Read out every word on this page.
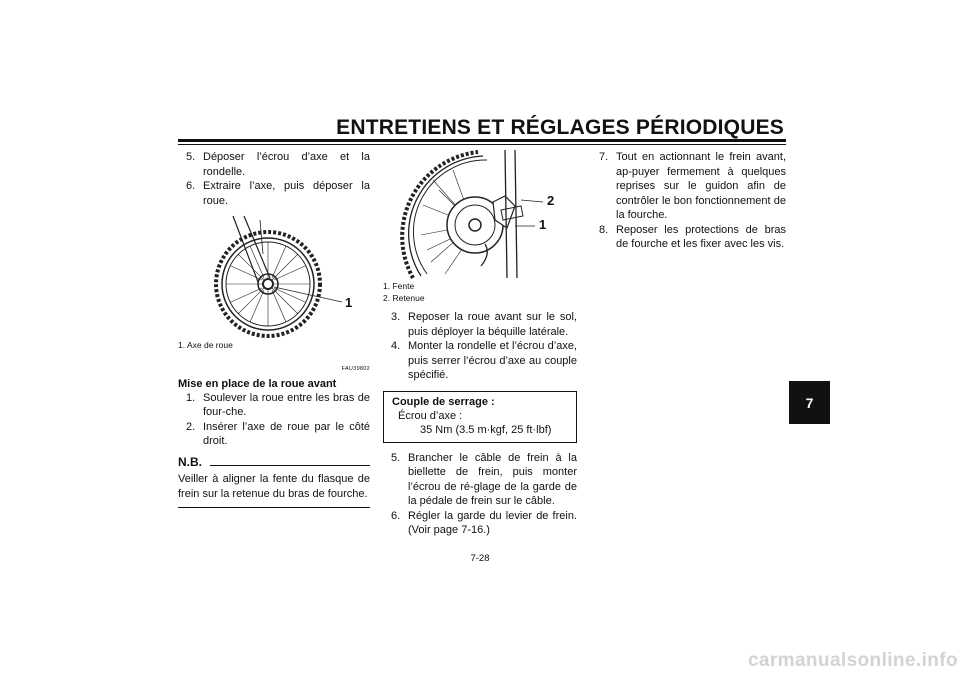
ENTRETIENS ET RÉGLAGES PÉRIODIQUES
7
5. Déposer l’écrou d’axe et la rondelle.
6. Extraire l’axe, puis déposer la roue.
1
1. Axe de roue
FAU39802
Mise en place de la roue avant
1. Soulever la roue entre les bras de four-che.
2. Insérer l’axe de roue par le côté droit.
N.B.
Veiller à aligner la fente du flasque de frein sur la retenue du bras de fourche.
2
1
1. Fente
2. Retenue
3. Reposer la roue avant sur le sol, puis déployer la béquille latérale.
4. Monter la rondelle et l’écrou d’axe, puis serrer l’écrou d’axe au couple spécifié.
Couple de serrage :
Écrou d’axe :
35 Nm (3.5 m·kgf, 25 ft·lbf)
5. Brancher le câble de frein à la biellette de frein, puis monter l’écrou de ré-glage de la garde de la pédale de frein sur le câble.
6. Régler la garde du levier de frein. (Voir page 7-16.)
7. Tout en actionnant le frein avant, ap-puyer fermement à quelques reprises sur le guidon afin de contrôler le bon fonctionnement de la fourche.
8. Reposer les protections de bras de fourche et les fixer avec les vis.
7-28
carmanualsonline.info
